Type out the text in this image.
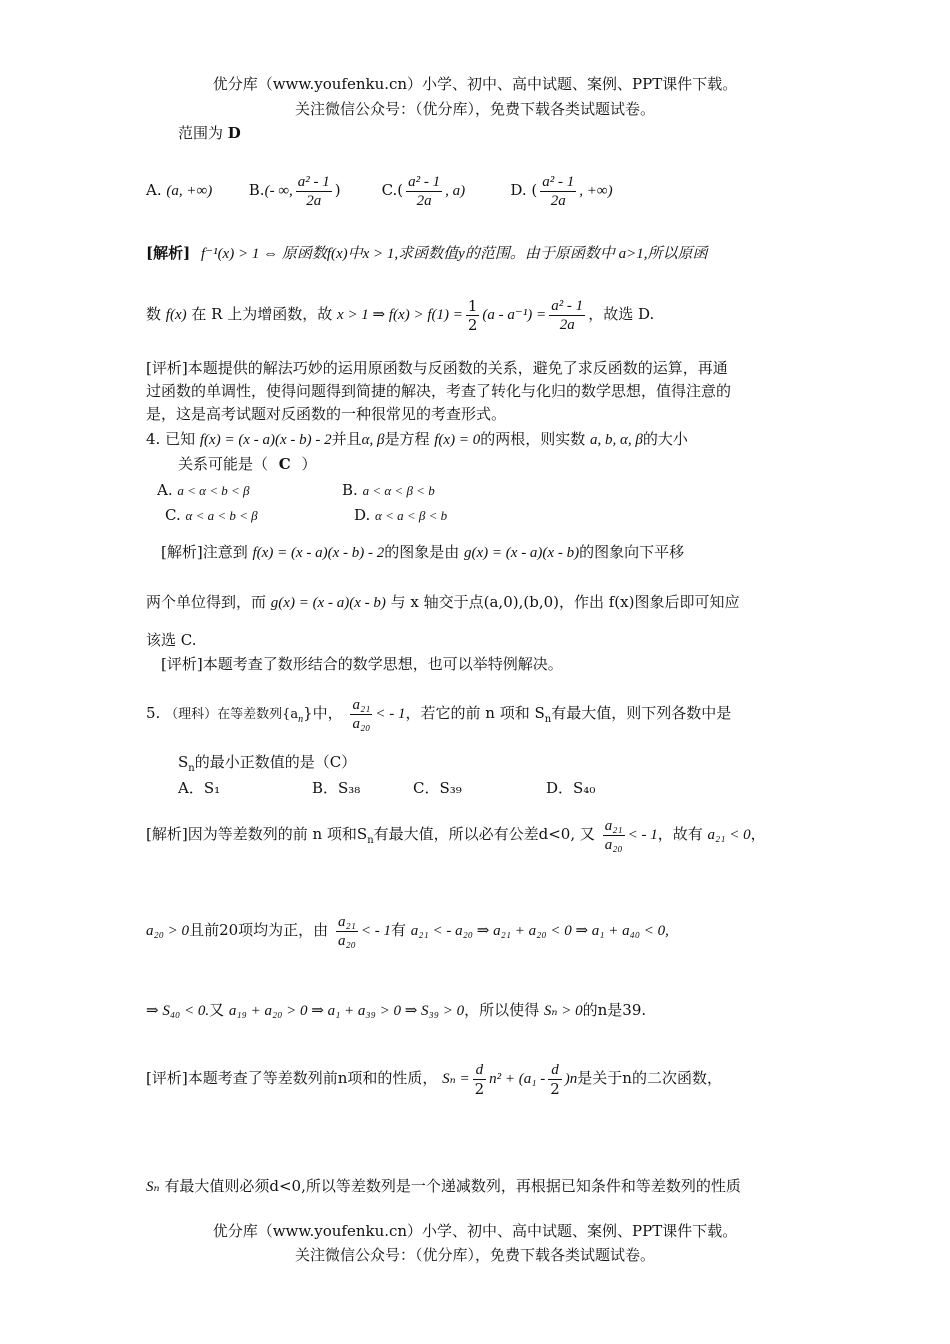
优分库（www.youfenku.cn）小学、初中、高中试题、案例、PPT课件下载。
关注微信公众号：（优分库），免费下载各类试题试卷。
范围为 D
A. (a, +∞) B.(- ∞, $\frac{\text{a² - 1}}{2a}$ )	$C.( \frac{\text{a² - 1}}{2a}$ , a)	D. ( $\frac{\text{a² - 1}}{2a}$ , +∞)
[解析] f⁻¹(x) > 1 ⇔ 原函数f(x)中x > 1,求函数值y的范围。由于原函数中 a>1,所以原函
数 f(x) 在 R 上为增函数，故 x > 1 ⇒ $f(x) > f(1) = \frac{1}{2} (a - a^{-1}) = \frac{\text{a² - 1}}{2a}$ ，故选 D.
[评析]本题提供的解法巧妙的运用原函数与反函数的关系，避免了求反函数的运算，再通
过函数的单调性，使得问题得到简捷的解决，考查了转化与化归的数学思想，值得注意的
是，这是高考试题对反函数的一种很常见的考查形式。
4. 已知 f(x) = (x - a)(x - b) - 2并且α, β是方程 f(x) = 0的两根，则实数 a, b, α, β的大小
关系可能是（ C ）
A. a < α < b < β	B. a < α < β < b
C. α < a < b < β	D. α < a < β < b
[解析]注意到 f(x) = (x - a)(x - b) - 2的图象是由 g(x) = (x - a)(x - b)的图象向下平移
两个单位得到，而 g(x) = (x - a)(x - b) 与 x 轴交于点(a,0),(b,0)，作出 f(x)图象后即可知应
该选 C.
[评析]本题考查了数形结合的数学思想，也可以举特例解决。
5. （理科）在等差数列$\{a_n\}$中， $\frac{\text{a₂₁}}{\text{a₂₀}}$ < - 1，若它的前 n 项和 $S_n$有最大值，则下列各数中是
$S_n$的最小正数值的是（C）
A．S₁	B．S₃₈	C．S₃₉	D．S₄₀
[解析]因为等差数列的前 n 项和$S_n$有最大值，所以必有公差d<0, 又 $\frac{\text{a₂₁}}{\text{a₂₀}}$ < - 1，故有 a₂₁ < 0，
a₂₀ > 0且前20项均为正，由 $\frac{\text{a₂₁}}{\text{a₂₀}}$ < - 1有 a₂₁ < - a₂₀ ⇒ a₂₁ + a₂₀ < 0 ⇒ a₁ + a₄₀ < 0,
⇒ S₄₀ < 0.又 a₁₉ + a₂₀ > 0 ⇒ a₁ + a₃₉ > 0 ⇒ S₃₉ > 0，所以使得 Sₙ > 0的n是39.
[评析]本题考查了等差数列前n项和的性质， $S_n = \frac{d}{2} n^2 + (a_1 - \frac{d}{2} )n$是关于n的二次函数，
Sₙ 有最大值则必须d<0,所以等差数列是一个递减数列，再根据已知条件和等差数列的性质
优分库（www.youfenku.cn）小学、初中、高中试题、案例、PPT课件下载。
关注微信公众号：（优分库），免费下载各类试题试卷。
